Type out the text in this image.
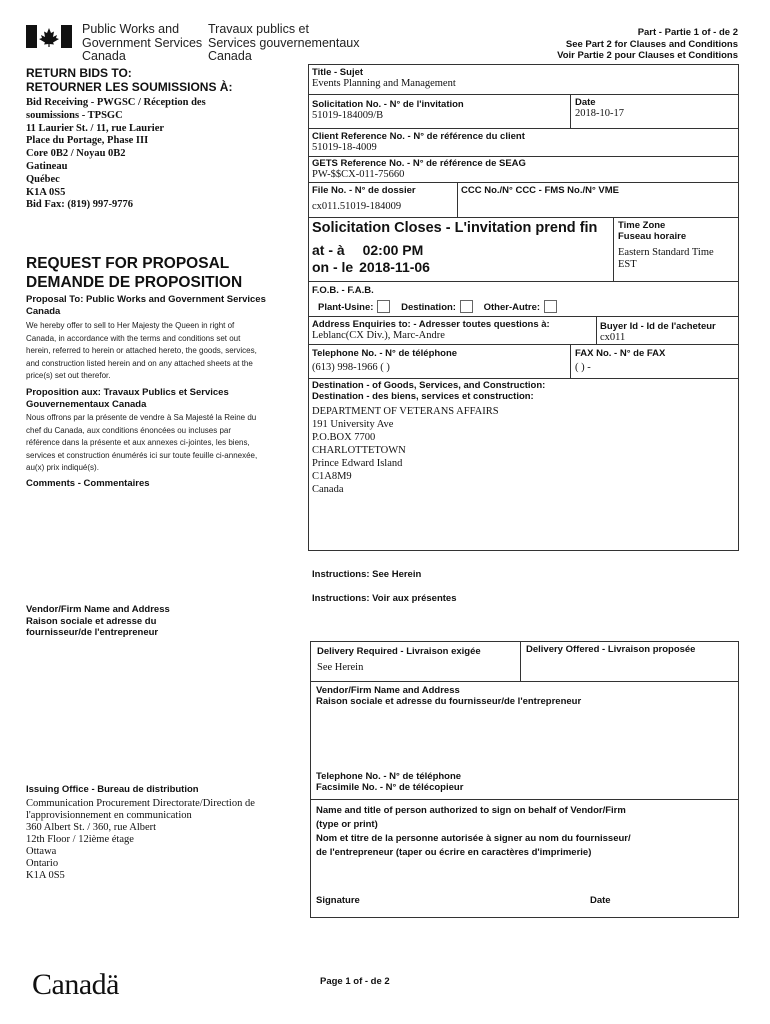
Public Works and
Government Services
Canada
Travaux publics et
Services gouvernementaux
Canada
Part - Partie 1 of - de 2
See Part 2 for Clauses and Conditions
Voir Partie 2 pour Clauses et Conditions
RETURN BIDS TO:
RETOURNER LES SOUMISSIONS À:
Bid Receiving - PWGSC / Réception des
soumissions - TPSGC
11 Laurier St. / 11, rue Laurier
Place du Portage, Phase III
Core 0B2 / Noyau 0B2
Gatineau
Québec
K1A 0S5
Bid Fax: (819) 997-9776
REQUEST FOR PROPOSAL
DEMANDE DE PROPOSITION
Proposal To: Public Works and Government Services Canada
We hereby offer to sell to Her Majesty the Queen in right of Canada, in accordance with the terms and conditions set out herein, referred to herein or attached hereto, the goods, services, and construction listed herein and on any attached sheets at the price(s) set out therefor.
Proposition aux: Travaux Publics et Services Gouvernementaux Canada
Nous offrons par la présente de vendre à Sa Majesté la Reine du chef du Canada, aux conditions énoncées ou incluses par référence dans la présente et aux annexes ci-jointes, les biens, services et construction énumérés ici sur toute feuille ci-annexée, au(x) prix indiqué(s).
Comments - Commentaires
Vendor/Firm Name and Address
Raison sociale et adresse du
fournisseur/de l'entrepreneur
Issuing Office - Bureau de distribution
Communication Procurement Directorate/Direction de
l'approvisionnement en communication
360 Albert St. / 360, rue Albert
12th Floor / 12ième étage
Ottawa
Ontario
K1A 0S5
Title - Sujet
Events Planning and Management
Solicitation No. - N° de l'invitation
51019-184009/B
Date
2018-10-17
Client Reference No. - N° de référence du client
51019-18-4009
GETS Reference No. - N° de référence de SEAG
PW-$$CX-011-75660
File No. - N° de dossier
cx011.51019-184009
CCC No./N° CCC - FMS No./N° VME
Solicitation Closes - L'invitation prend fin
at - à 02:00 PM
on - le 2018-11-06
Time Zone
Fuseau horaire
Eastern Standard Time
EST
F.O.B. - F.A.B.
Plant-Usine:	Destination:	Other-Autre:
Address Enquiries to: - Adresser toutes questions à:
Leblanc(CX Div.), Marc-Andre
Buyer Id - Id de l'acheteur
cx011
Telephone No. - N° de téléphone
(613) 998-1966 ( )
FAX No. - N° de FAX
( ) -
Destination - of Goods, Services, and Construction:
Destination - des biens, services et construction:
DEPARTMENT OF VETERANS AFFAIRS
191 University Ave
P.O.BOX 7700
CHARLOTTETOWN
Prince Edward Island
C1A8M9
Canada
Instructions: See Herein
Instructions: Voir aux présentes
Delivery Required - Livraison exigée
See Herein
Delivery Offered - Livraison proposée
Vendor/Firm Name and Address
Raison sociale et adresse du fournisseur/de l'entrepreneur
Telephone No. - N° de téléphone
Facsimile No. - N° de télécopieur
Name and title of person authorized to sign on behalf of Vendor/Firm
(type or print)
Nom et titre de la personne autorisée à signer au nom du fournisseur/
de l'entrepreneur (taper ou écrire en caractères d'imprimerie)
Signature	Date
Canadä	Page 1 of - de 2
